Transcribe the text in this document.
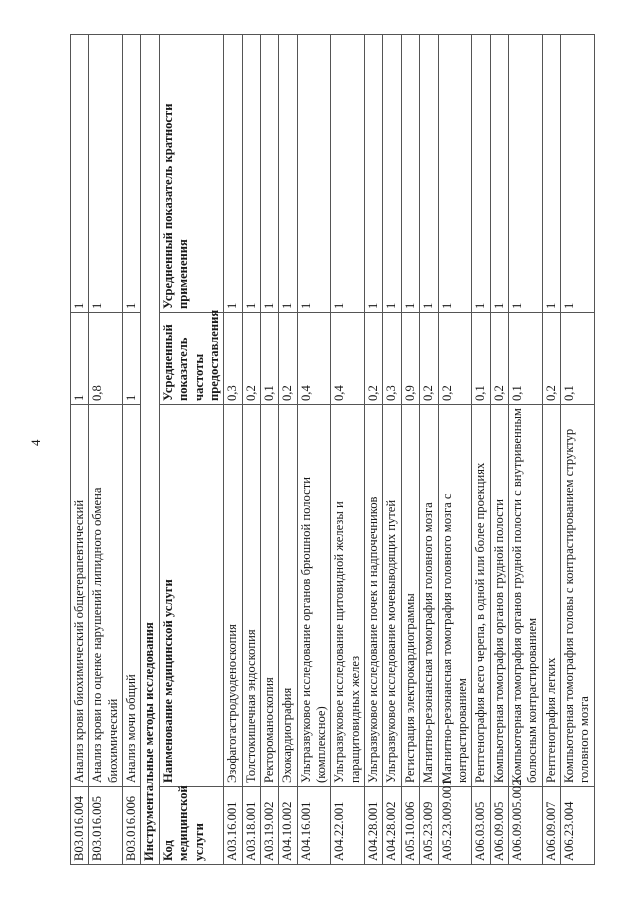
4
B03.016.004	Анализ крови биохимический общетерапевтический	1	1
B03.016.005	Анализ крови по оценке нарушений липидного обмена биохимический	0,8	1
B03.016.006	Анализ мочи общий	1	1
Инструментальные методы исследования			
Код медицинской услуги	Наименование медицинской услуги	Усредненный показатель частоты предоставления	Усредненный показатель кратности применения
A03.16.001	Эзофагогастродуоденоскопия	0,3	1
A03.18.001	Толстокишечная эндоскопия	0,2	1
A03.19.002	Ректороманоскопия	0,1	1
A04.10.002	Эхокардиография	0,2	1
A04.16.001	Ультразвуковое исследование органов брюшной полости (комплексное)	0,4	1
A04.22.001	Ультразвуковое исследование щитовидной железы и паращитовидных желез	0,4	1
A04.28.001	Ультразвуковое исследование почек и надпочечников	0,2	1
A04.28.002	Ультразвуковое исследование мочевыводящих путей	0,3	1
A05.10.006	Регистрация электрокардиограммы	0,9	1
A05.23.009	Магнитно-резонансная томография головного мозга	0,2	1
A05.23.009.001	Магнитно-резонансная томография головного мозга с контрастированием	0,2	1
A06.03.005	Рентгенография всего черепа, в одной или более проекциях	0,1	1
A06.09.005	Компьютерная томография органов грудной полости	0,2	1
A06.09.005.002	Компьютерная томография органов грудной полости с внутривенным болюсным контрастированием	0,1	1
A06.09.007	Рентгенография легких	0,2	1
A06.23.004	Компьютерная томография головы с контрастированием структур головного мозга	0,1	1
